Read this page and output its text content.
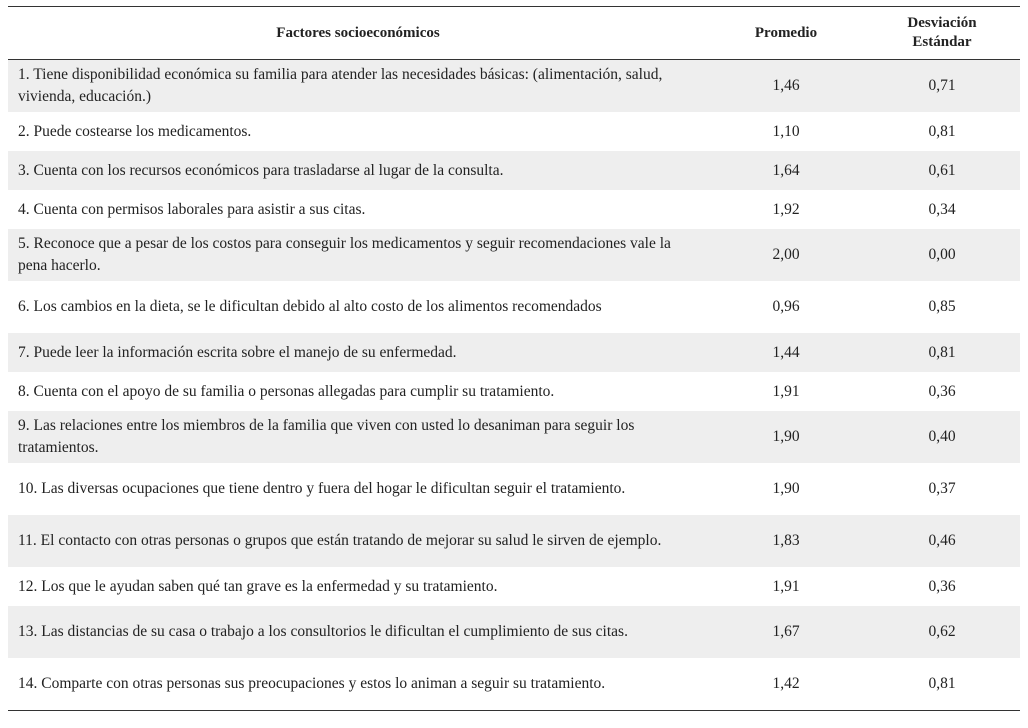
Factores socioeconómicos	Promedio	Desviación
Estándar
1. Tiene disponibilidad económica su familia para atender las necesidades básicas: (alimentación, salud, vivienda, educación.)	1,46	0,71
2. Puede costearse los medicamentos.	1,10	0,81
3. Cuenta con los recursos económicos para trasladarse al lugar de la consulta.	1,64	0,61
4. Cuenta con permisos laborales para asistir a sus citas.	1,92	0,34
5. Reconoce que a pesar de los costos para conseguir los medicamentos y seguir recomendaciones vale la pena hacerlo.	2,00	0,00
6. Los cambios en la dieta, se le dificultan debido al alto costo de los alimentos recomendados	0,96	0,85
7. Puede leer la información escrita sobre el manejo de su enfermedad.	1,44	0,81
8. Cuenta con el apoyo de su familia o personas allegadas para cumplir su tratamiento.	1,91	0,36
9. Las relaciones entre los miembros de la familia que viven con usted lo desaniman para seguir los tratamientos.	1,90	0,40
10. Las diversas ocupaciones que tiene dentro y fuera del hogar le dificultan seguir el tratamiento.	1,90	0,37
11. El contacto con otras personas o grupos que están tratando de mejorar su salud le sirven de ejemplo.	1,83	0,46
12. Los que le ayudan saben qué tan grave es la enfermedad y su tratamiento.	1,91	0,36
13. Las distancias de su casa o trabajo a los consultorios le dificultan el cumplimiento de sus citas.	1,67	0,62
14. Comparte con otras personas sus preocupaciones y estos lo animan a seguir su tratamiento.	1,42	0,81
